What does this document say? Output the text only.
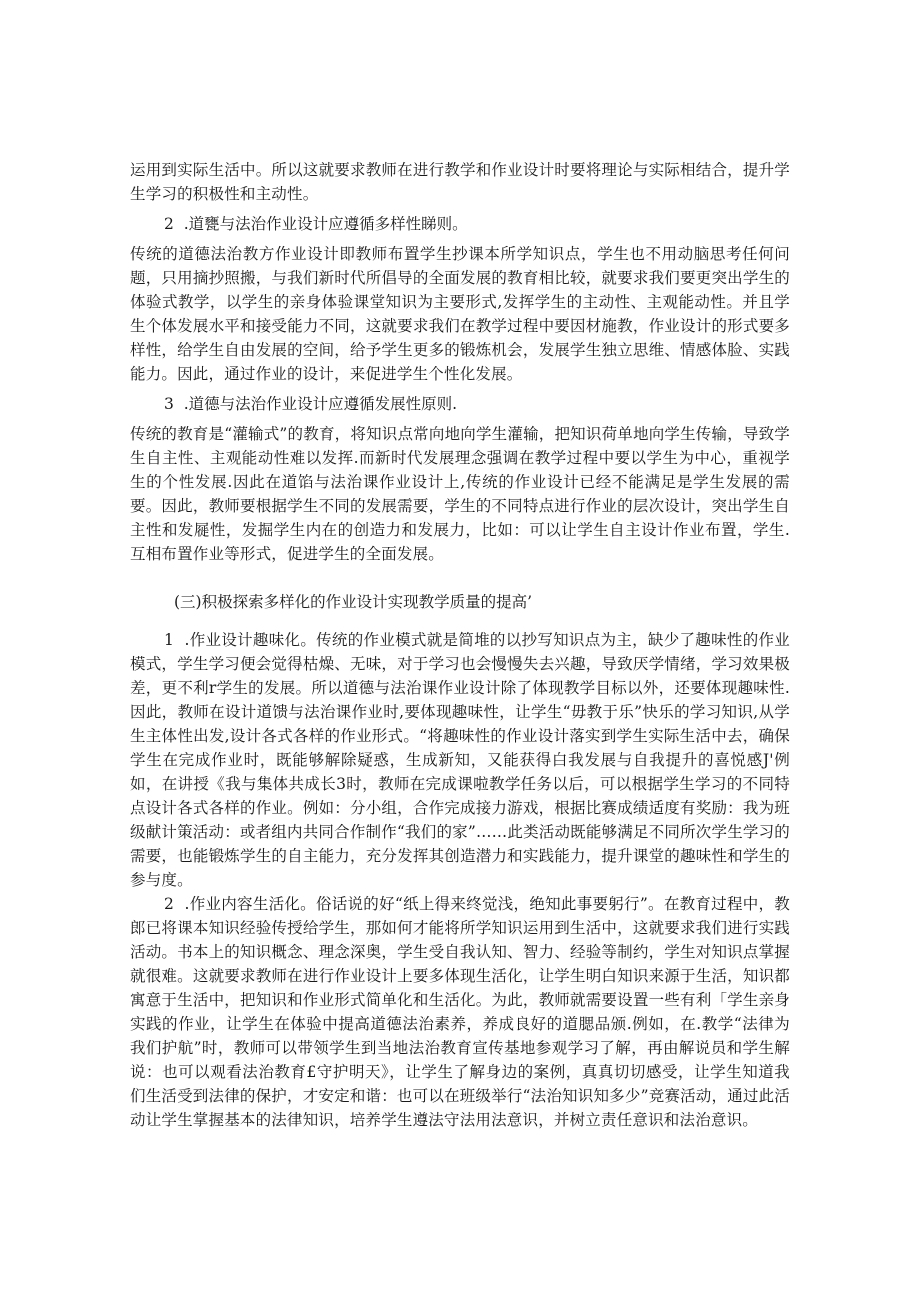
运用到实际生活中。所以这就要求教师在进行教学和作业设计时要将理论与实际相结合，提升学生学习的积极性和主动性。

2  .道甕与法治作业设计应遵循多样性睇则。

传统的道德法治教方作业设计即教师布置学生抄课本所学知识点，学生也不用动脑思考任何问题，只用摘抄照搬，与我们新时代所倡导的全面发展的教育相比较，就要求我们要更突出学生的体验式教学，以学生的亲身体验课堂知识为主要形式,发挥学生的主动性、主观能动性。并且学生个体发展水平和接受能力不同，这就要求我们在教学过程中要因材施教，作业设计的形式要多样性，给学生自由发展的空间，给予学生更多的锻炼机会，发展学生独立思维、情感体脸、实践能力。因此，通过作业的设计，来促进学生个性化发展。

3  .道德与法治作业设计应遵循发展性原则.

传统的教育是“灌输式”的教育，将知识点常向地向学生灌输，把知识荷单地向学生传输，导致学生自主性、主观能动性难以发挥.而新时代发展理念强调在教学过程中要以学生为中心，重视学生的个性发展.因此在道馅与法治课作业设计上,传统的作业设计已经不能满足是学生发展的需要。因此，教师要根据学生不同的发展需要，学生的不同特点进行作业的层次设计，突出学生自主性和发屣性，发掘学生内在的创造力和发展力，比如：可以让学生自主设计作业布置，学生.互相布置作业等形式，促进学生的全面发展。

(三)积极探索多样化的作业设计实现教学质量的提高’

1  .作业设计趣味化。传统的作业模式就是简堆的以抄写知识点为主，缺少了趣味性的作业模式，学生学习便会觉得枯燥、无味，对于学习也会慢慢失去兴趣，导致厌学情绪，学习效果极差，更不利r学生的发展。所以道德与法治课作业设计除了体现教学目标以外，还要体现趣味性.因此，教师在设计道馈与法治课作业时,要体现趣味性，让学生“毋教于乐”快乐的学习知识,从学生主体性出发,设计各式各样的作业形式。“将趣味性的作业设计落实到学生实际生活中去，确保学生在完成作业时，既能够解除疑惑，生成新知，又能获得白我发展与自我提升的喜悦感J'例如，在讲授《我与集体共成长3时，教师在完成课啦教学任务以后，可以根据学生学习的不同特点设计各式各样的作业。例如：分小组，合作完成接力游戏，根据比赛成绩适度有奖励：我为班级献计策活动：或者组内共同合作制作“我们的家”……此类活动既能够满足不同所次学生学习的需要，也能锻炼学生的自主能力，充分发挥其创造潜力和实践能力，提升课堂的趣味性和学生的参与度。

2  .作业内容生活化。俗话说的好“纸上得来终觉浅，绝知此事要躬行”。在教育过程中，教郎已将课本知识经验传授给学生，那如何才能将所学知识运用到生活中，这就要求我们进行实践活动。书本上的知识概念、理念深奥，学生受自我认知、智力、经验等制约，学生对知识点掌握就很难。这就要求教师在进行作业设计上要多体现生活化，让学生明白知识来源于生活，知识都寓意于生活中，把知识和作业形式简单化和生活化。为此，教师就需要设置一些有利「学生亲身实践的作业，让学生在体验中提高道德法治素养，养成良好的道腮品颁.例如，在.教学“法律为我们护航”时，教师可以带领学生到当地法治教育宣传基地参观学习了解，再由解说员和学生解说：也可以观看法治教育£守护明天》，让学生了解身边的案例，真真切切感受，让学生知道我们生活受到法律的保护，才安定和谐：也可以在班级举行“法治知识知多少”竞赛活动，通过此活动让学生掌握基本的法律知识，培养学生遵法守法用法意识，并树立责任意识和法治意识。
